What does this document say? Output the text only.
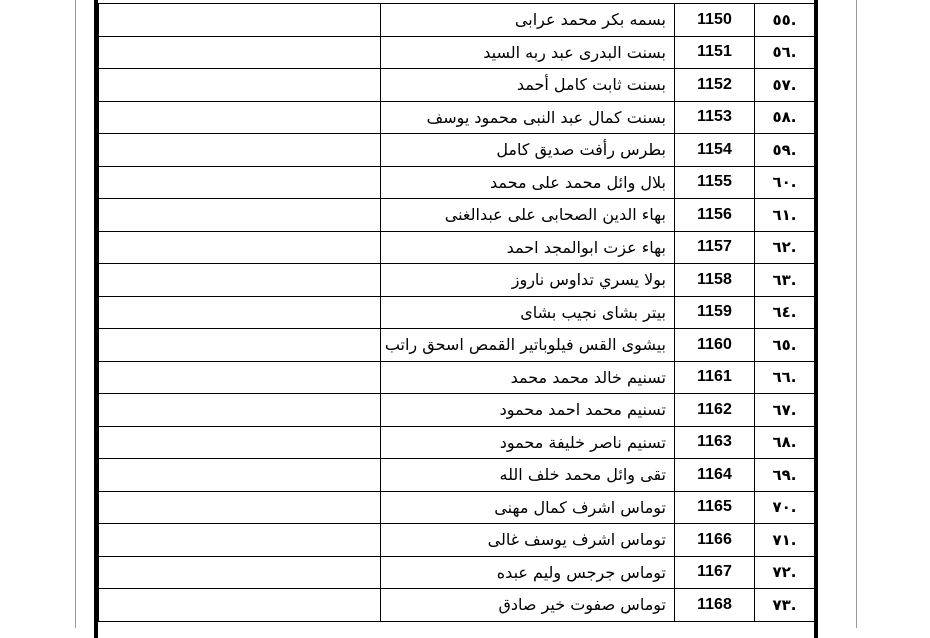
	بسمه بكر محمد عرابى	1150	.٥٥
	بسنت البدرى عبد ربه السيد	1151	.٥٦
	بسنت ثابت كامل أحمد	1152	.٥٧
	بسنت كمال عبد النبى محمود يوسف	1153	.٥٨
	بطرس رأفت صديق كامل	1154	.٥٩
	بلال وائل محمد على محمد	1155	.٦٠
	بهاء الدين الصحابى على عبدالغنى	1156	.٦١
	بهاء عزت ابوالمجد احمد	1157	.٦٢
	بولا يسري تداوس ناروز	1158	.٦٣
	بيتر بشاى نجيب بشاى	1159	.٦٤
	بيشوى القس فيلوباتير القمص اسحق راتب	1160	.٦٥
	تسنيم خالد محمد محمد	1161	.٦٦
	تسنيم محمد احمد محمود	1162	.٦٧
	تسنيم ناصر خليفة محمود	1163	.٦٨
	تقى وائل محمد خلف الله	1164	.٦٩
	توماس اشرف كمال مهنى	1165	.٧٠
	توماس اشرف يوسف غالى	1166	.٧١
	توماس جرجس وليم عبده	1167	.٧٢
	توماس صفوت خير صادق	1168	.٧٣
